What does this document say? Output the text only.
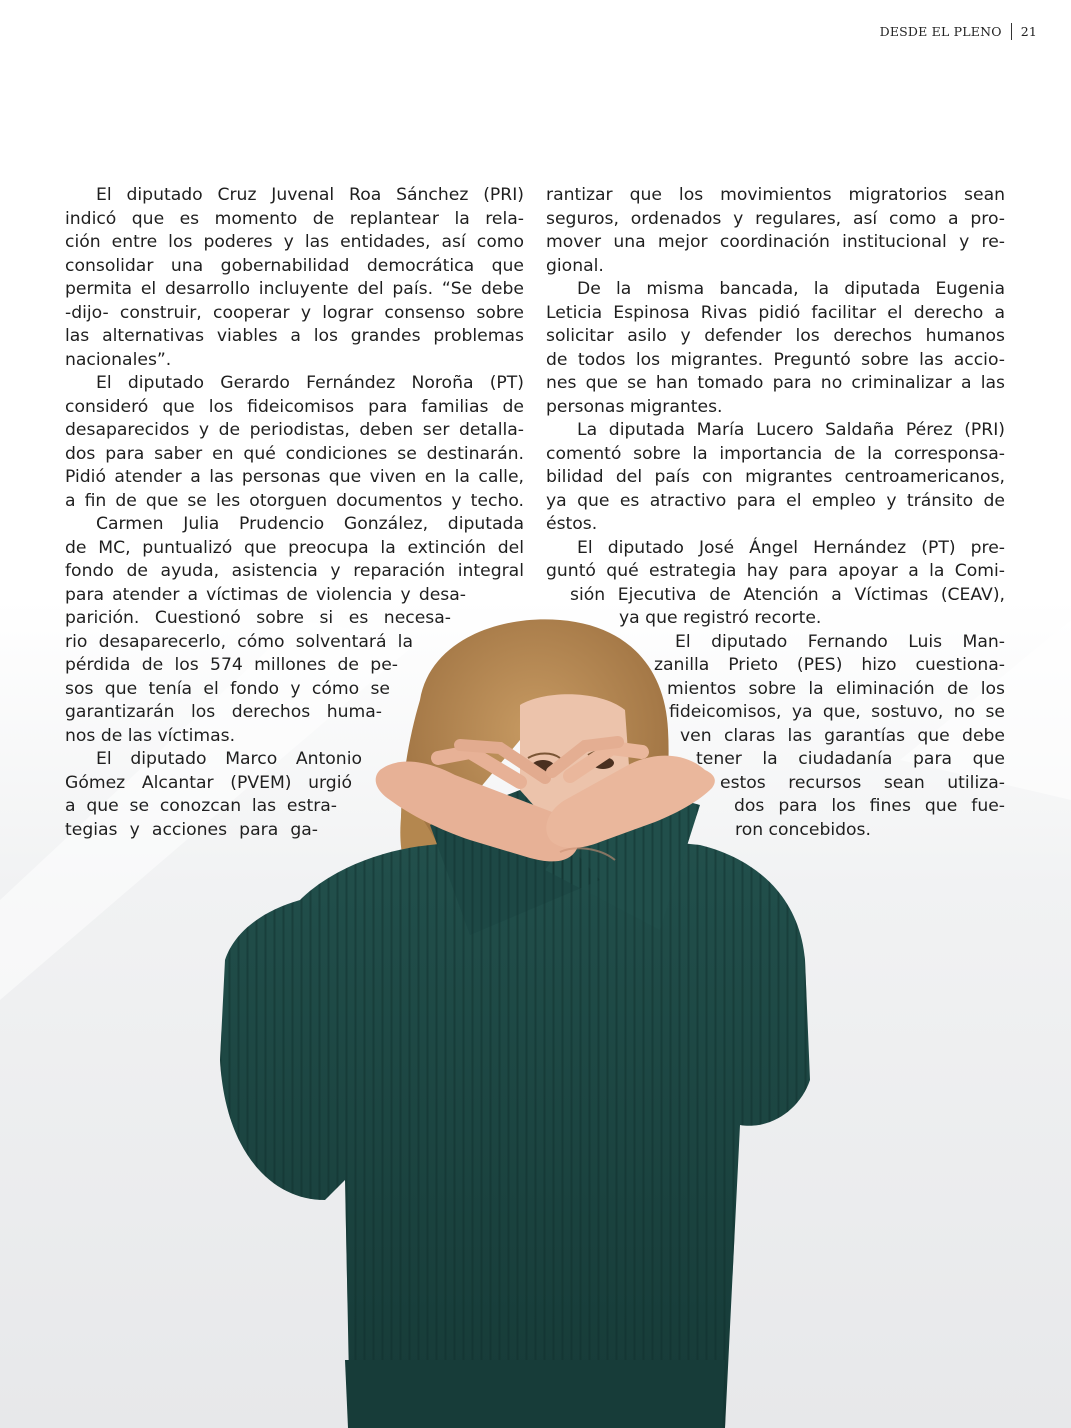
DESDE EL PLENO 21
El diputado Cruz Juvenal Roa Sánchez (PRI)
indicó que es momento de replantear la rela-
ción entre los poderes y las entidades, así como
consolidar una gobernabilidad democrática que
permita el desarrollo incluyente del país. “Se debe
-dijo- construir, cooperar y lograr consenso sobre
las alternativas viables a los grandes problemas
nacionales”.
El diputado Gerardo Fernández Noroña (PT)
consideró que los fideicomisos para familias de
desaparecidos y de periodistas, deben ser detalla-
dos para saber en qué condiciones se destinarán.
Pidió atender a las personas que viven en la calle,
a fin de que se les otorguen documentos y techo.
Carmen Julia Prudencio González, diputada
de MC, puntualizó que preocupa la extinción del
fondo de ayuda, asistencia y reparación integral
para atender a víctimas de violencia y desa-
parición. Cuestionó sobre si es necesa-
rio desaparecerlo, cómo solventará la
pérdida de los 574 millones de pe-
sos que tenía el fondo y cómo se
garantizarán los derechos huma-
nos de las víctimas.
El diputado Marco Antonio
Gómez Alcantar (PVEM) urgió
a que se conozcan las estra-
tegias y acciones para ga-
rantizar que los movimientos migratorios sean
seguros, ordenados y regulares, así como a pro-
mover una mejor coordinación institucional y re-
gional.
De la misma bancada, la diputada Eugenia
Leticia Espinosa Rivas pidió facilitar el derecho a
solicitar asilo y defender los derechos humanos
de todos los migrantes. Preguntó sobre las accio-
nes que se han tomado para no criminalizar a las
personas migrantes.
La diputada María Lucero Saldaña Pérez (PRI)
comentó sobre la importancia de la corresponsa-
bilidad del país con migrantes centroamericanos,
ya que es atractivo para el empleo y tránsito de
éstos.
El diputado José Ángel Hernández (PT) pre-
guntó qué estrategia hay para apoyar a la Comi-
sión Ejecutiva de Atención a Víctimas (CEAV),
ya que registró recorte.
El diputado Fernando Luis Man-
zanilla Prieto (PES) hizo cuestiona-
mientos sobre la eliminación de los
fideicomisos, ya que, sostuvo, no se
ven claras las garantías que debe
tener la ciudadanía para que
estos recursos sean utiliza-
dos para los fines que fue-
ron concebidos.
